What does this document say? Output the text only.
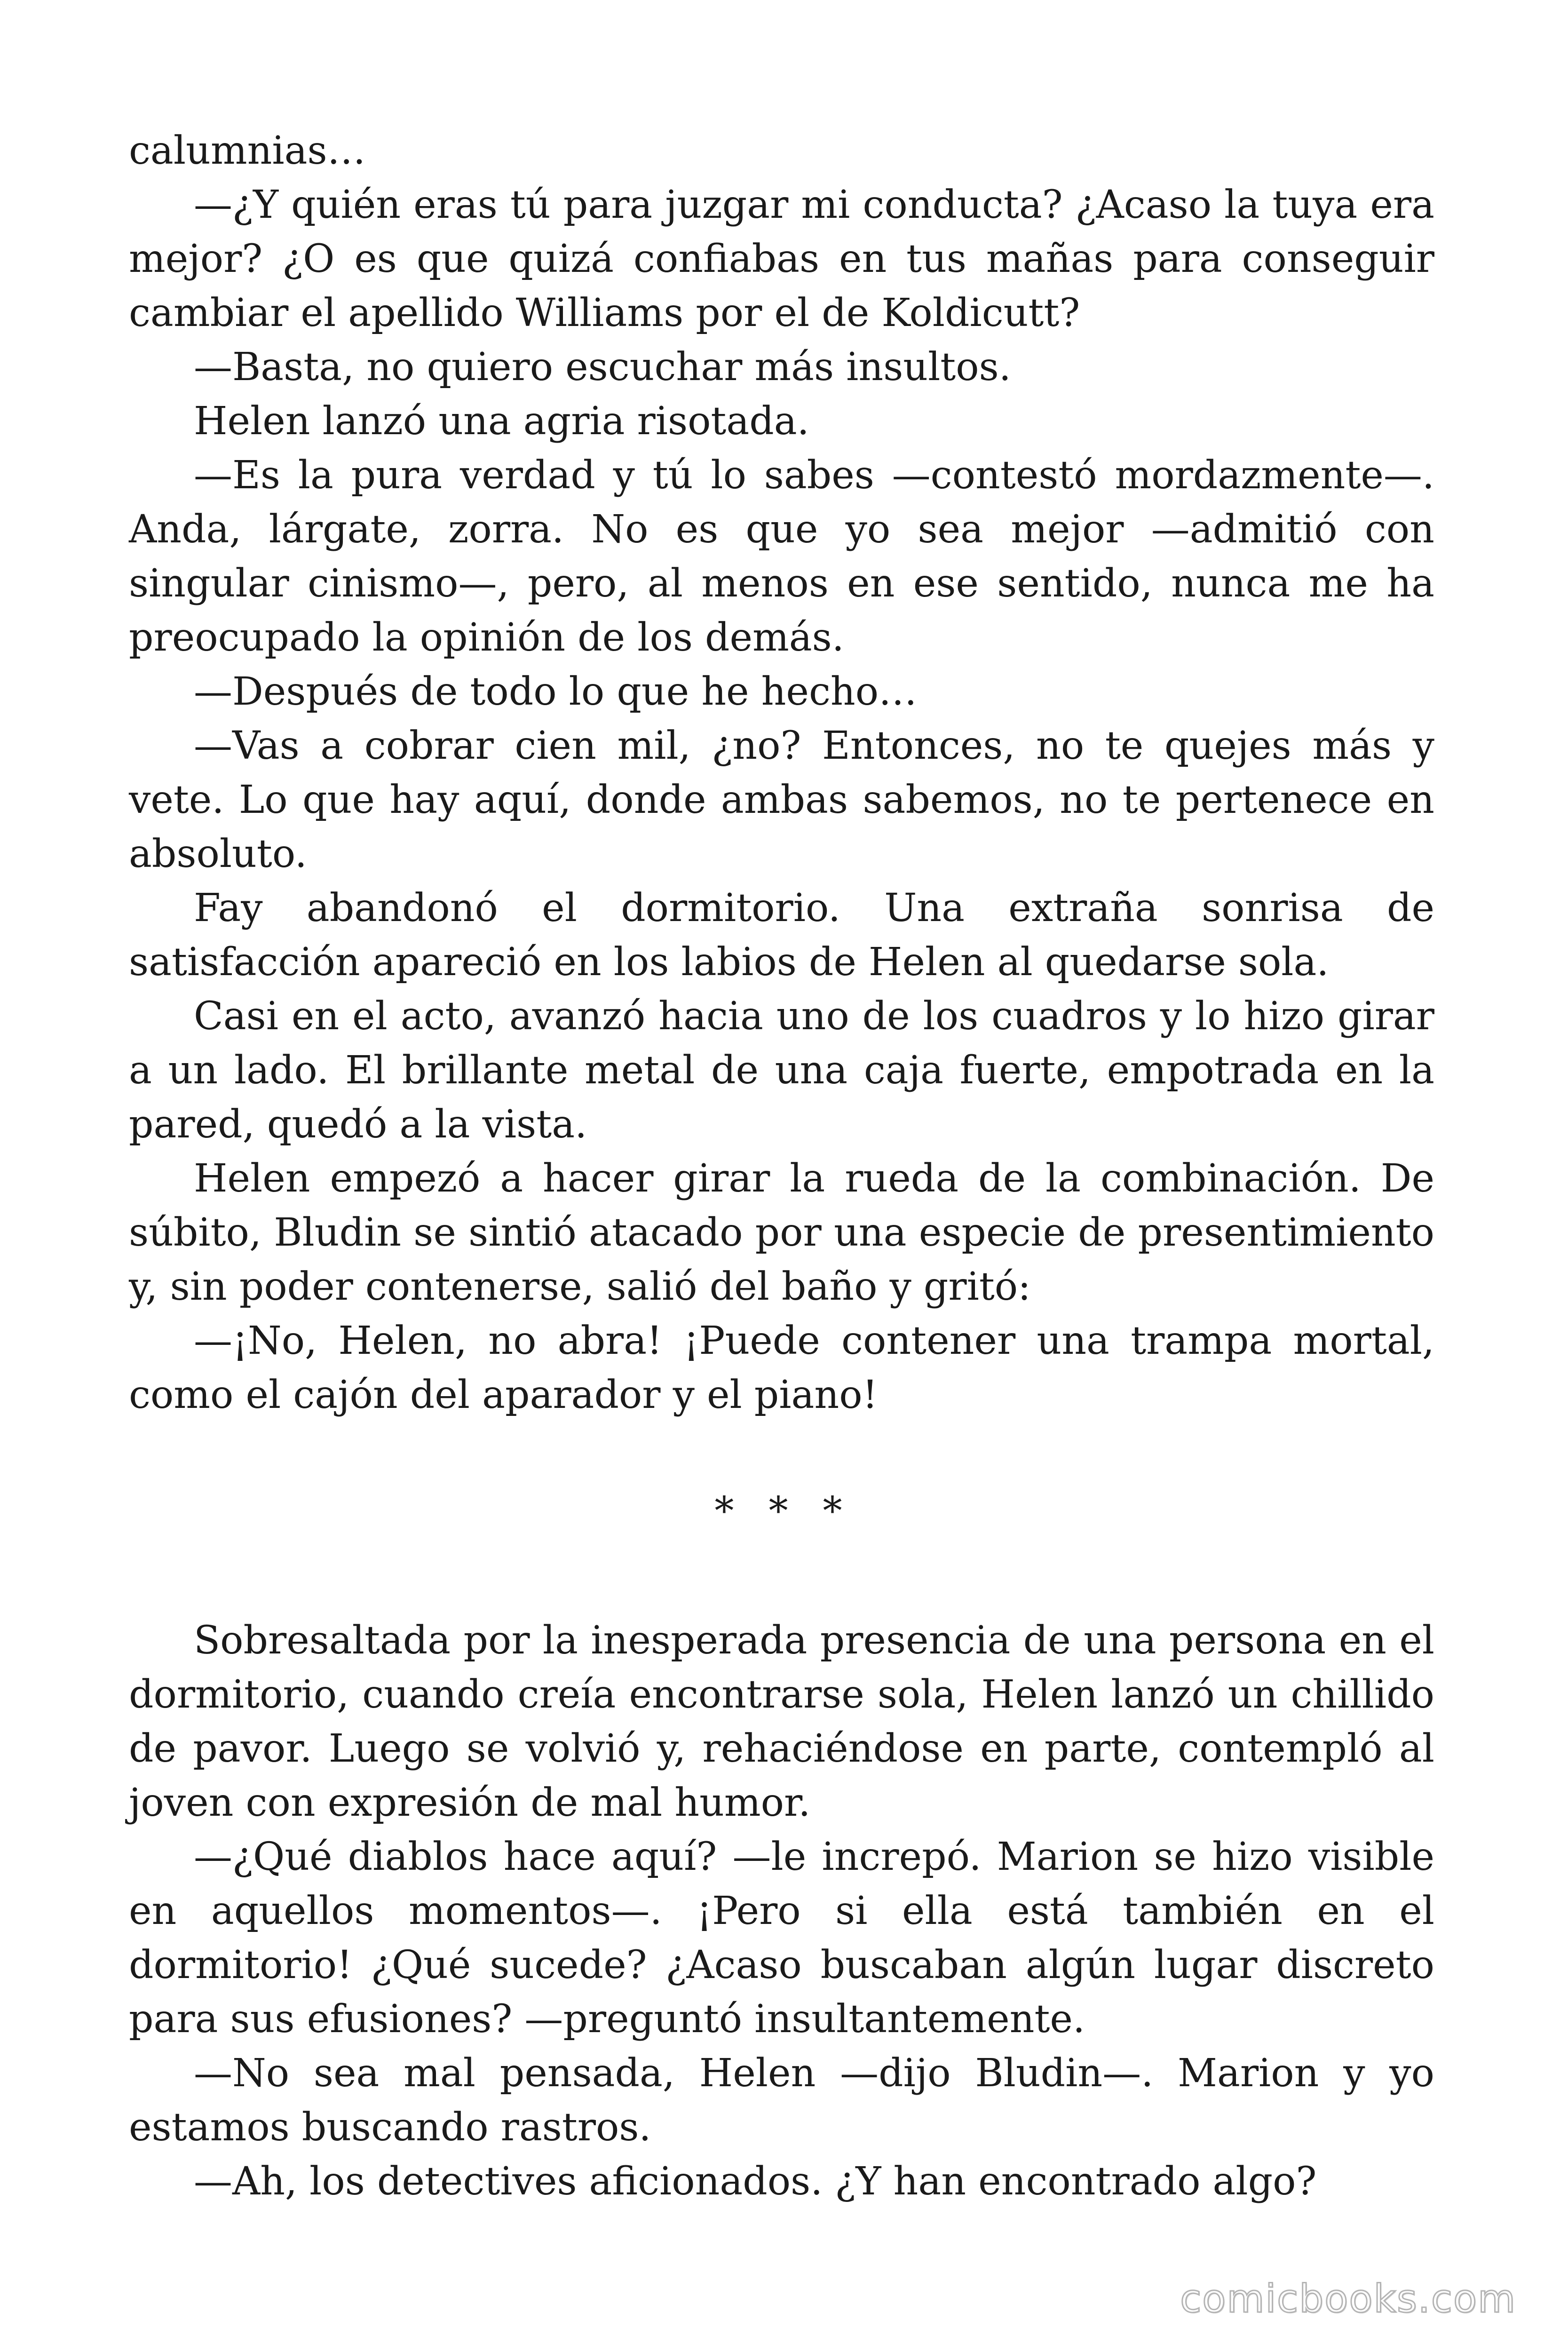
calumnias…

—¿Y quién eras tú para juzgar mi conducta? ¿Acaso la tuya era mejor? ¿O es que quizá confiabas en tus mañas para conseguir cambiar el apellido Williams por el de Koldicutt?

—Basta, no quiero escuchar más insultos.

Helen lanzó una agria risotada.

—Es la pura verdad y tú lo sabes —contestó mordazmente—. Anda, lárgate, zorra. No es que yo sea mejor —admitió con singular cinismo—, pero, al menos en ese sentido, nunca me ha preocupado la opinión de los demás.

—Después de todo lo que he hecho…

—Vas a cobrar cien mil, ¿no? Entonces, no te quejes más y vete. Lo que hay aquí, donde ambas sabemos, no te pertenece en absoluto.

Fay abandonó el dormitorio. Una extraña sonrisa de satisfacción apareció en los labios de Helen al quedarse sola.

Casi en el acto, avanzó hacia uno de los cuadros y lo hizo girar a un lado. El brillante metal de una caja fuerte, empotrada en la pared, quedó a la vista.

Helen empezó a hacer girar la rueda de la combinación. De súbito, Bludin se sintió atacado por una especie de presentimiento y, sin poder contenerse, salió del baño y gritó:

—¡No, Helen, no abra! ¡Puede contener una trampa mortal, como el cajón del aparador y el piano!

* * *

Sobresaltada por la inesperada presencia de una persona en el dormitorio, cuando creía encontrarse sola, Helen lanzó un chillido de pavor. Luego se volvió y, rehaciéndose en parte, contempló al joven con expresión de mal humor.

—¿Qué diablos hace aquí? —le increpó. Marion se hizo visible en aquellos momentos—. ¡Pero si ella está también en el dormitorio! ¿Qué sucede? ¿Acaso buscaban algún lugar discreto para sus efusiones? —preguntó insultantemente.

—No sea mal pensada, Helen —dijo Bludin—. Marion y yo estamos buscando rastros.

—Ah, los detectives aficionados. ¿Y han encontrado algo?

comicbooks.com
